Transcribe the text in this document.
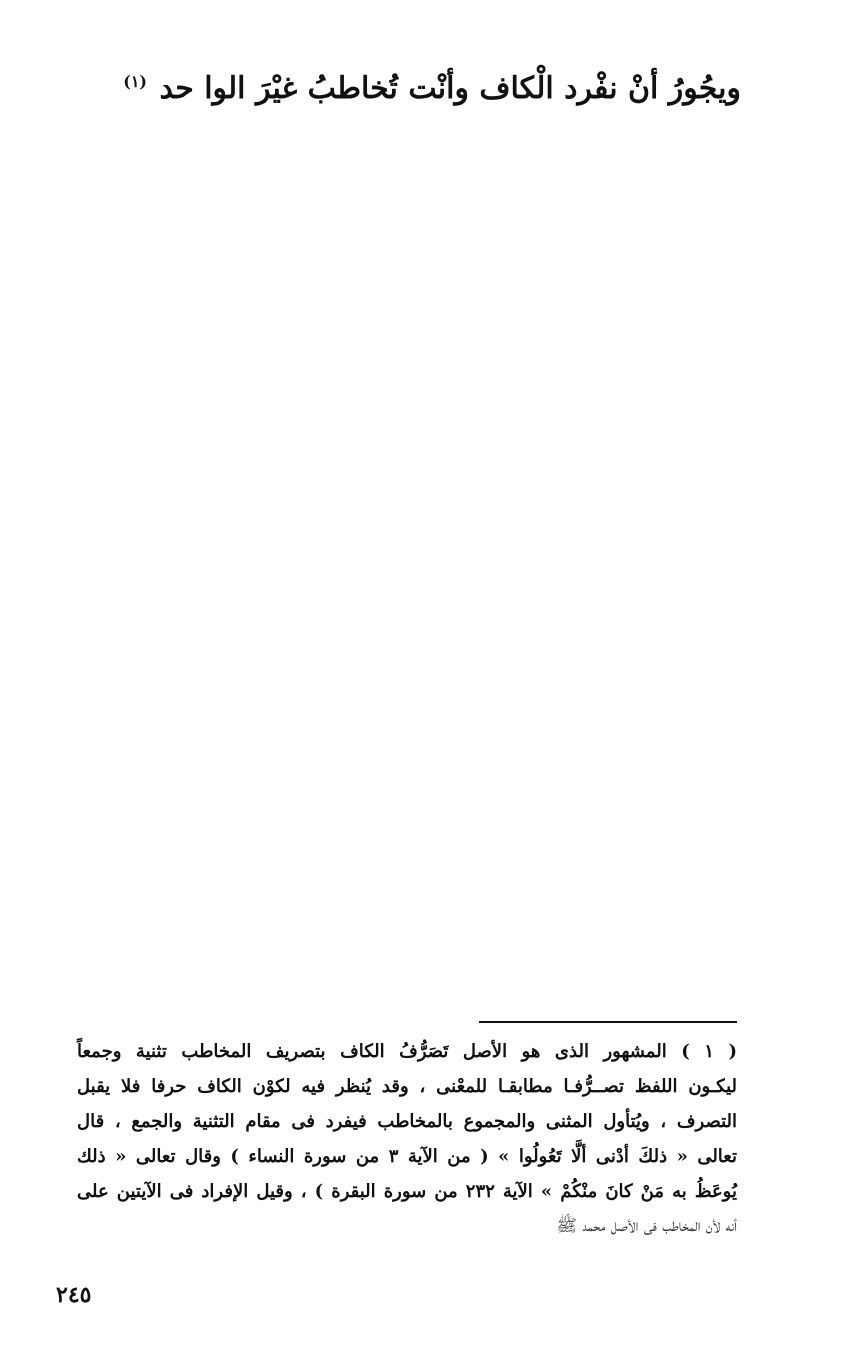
ويجُورُ أنْ نفْرد الْكاف وأنْت تُخاطبُ غيْرَ الوا حد $^{(١)}$
( ١ ) المشهور الذى هو الأصل تَصَرُّفُ الكاف بتصريف المخاطب تثنية وجمعاً
ليكـون اللفظ تصــرُّفـا مطابقـا للمعْنى ، وقد يُنظر فيه لكوْن الكاف حرفا فلا يقبل
التصرف ، ويُتأول المثنى والمجموع بالمخاطب فيفرد فى مقام التثنية والجمع ، قال
تعالى « ذلكَ أدْنى ألَّا تَعُولُوا » ( من الآية ٣ من سورة النساء ) وقال تعالى « ذلك
يُوعَظُ به مَنْ كانَ منْكُمْ » الآية ٢٣٢ من سورة البقرة ) ، وقيل الإفراد فى الآيتين على
أنه لأن المخاطب فى الأصل محمد ﷺ
٢٤٥
